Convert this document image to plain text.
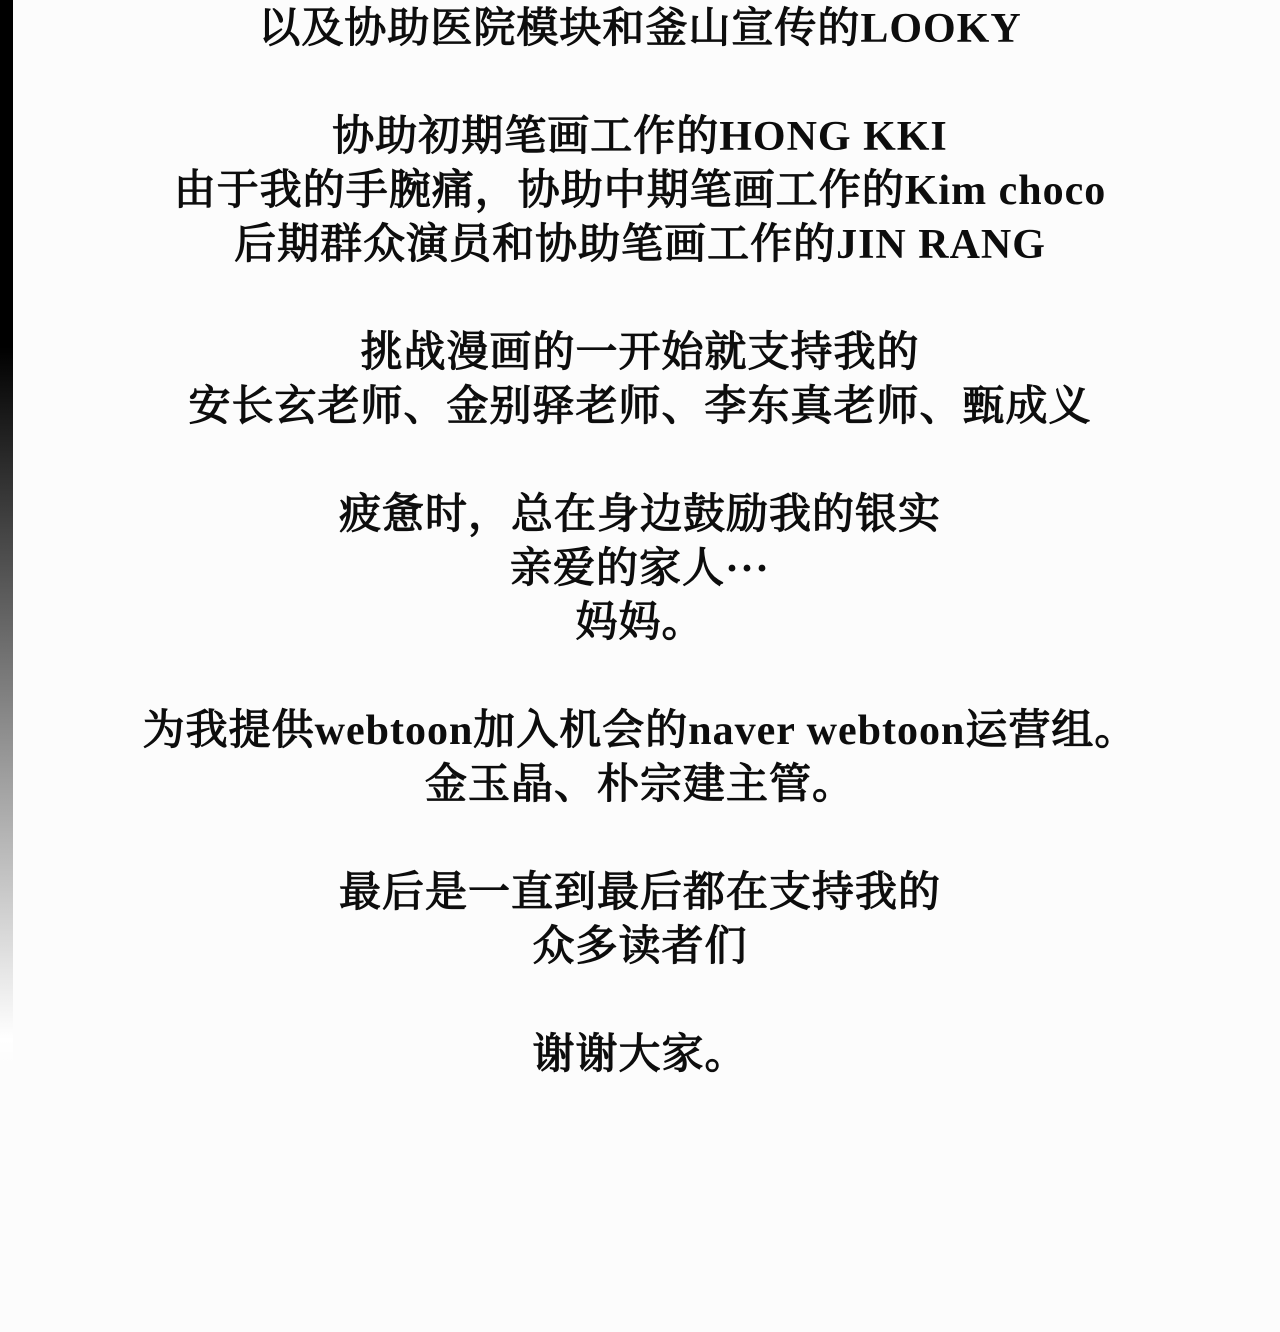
以及协助医院模块和釜山宣传的LOOKY
协助初期笔画工作的HONG KKI
由于我的手腕痛，协助中期笔画工作的Kim choco
后期群众演员和协助笔画工作的JIN RANG
挑战漫画的一开始就支持我的
安长玄老师、金别驿老师、李东真老师、甄成义
疲惫时，总在身边鼓励我的银实
亲爱的家人···
妈妈。
为我提供webtoon加入机会的naver webtoon运营组。
金玉晶、朴宗建主管。
最后是一直到最后都在支持我的
众多读者们
谢谢大家。
